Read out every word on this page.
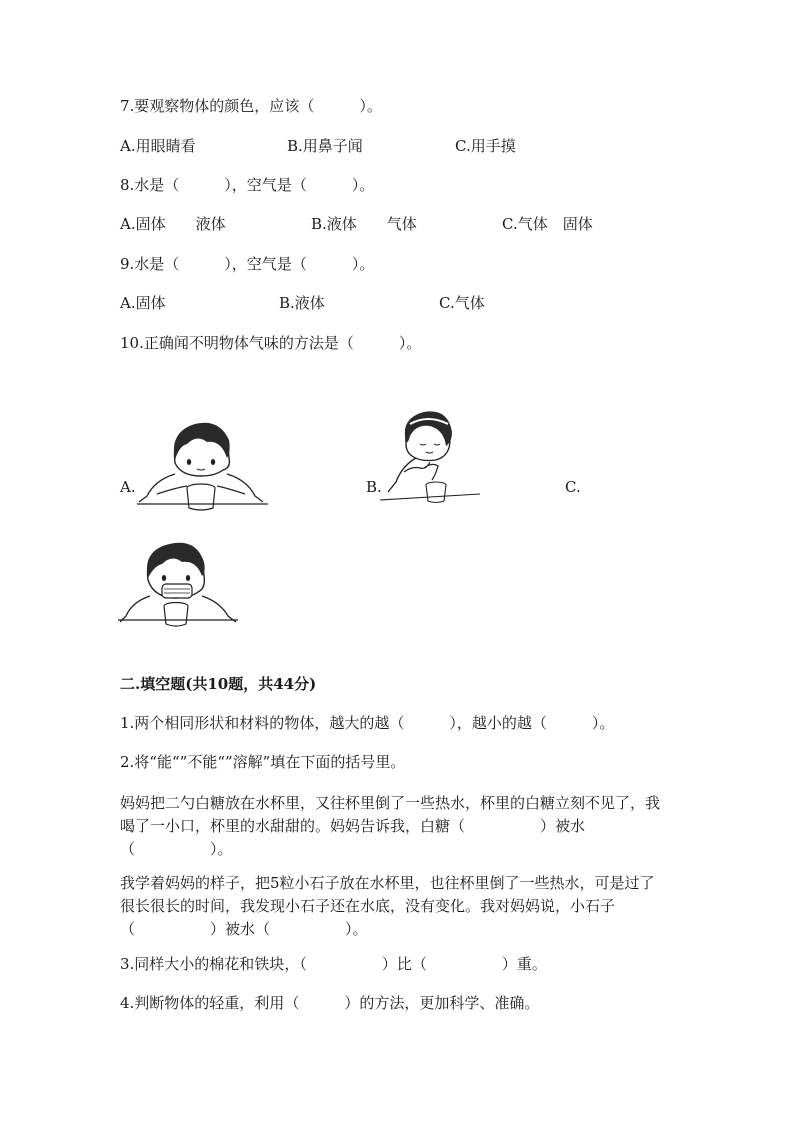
7.要观察物体的颜色，应该（　　　）。
A.用眼睛看	B.用鼻子闻	C.用手摸
8.水是（　　　），空气是（　　　）。
A.固体　　液体	B.液体　　气体	C.气体　固体
9.水是（　　　），空气是（　　　）。
A.固体	B.液体	C.气体
10.正确闻不明物体气味的方法是（　　　）。
A.	B.	C.
二.填空题(共10题，共44分)
1.两个相同形状和材料的物体，越大的越（　　　），越小的越（　　　）。
2.将“能“”不能“”溶解”填在下面的括号里。
妈妈把二勺白糖放在水杯里，又往杯里倒了一些热水，杯里的白糖立刻不见了，我喝了一小口，杯里的水甜甜的。妈妈告诉我，白糖（　　　　　）被水（　　　　　）。
我学着妈妈的样子，把5粒小石子放在水杯里，也往杯里倒了一些热水，可是过了很长很长的时间，我发现小石子还在水底，没有变化。我对妈妈说，小石子（　　　　　）被水（　　　　　）。
3.同样大小的棉花和铁块，（　　　　　）比（　　　　　）重。
4.判断物体的轻重，利用（　　　）的方法，更加科学、准确。
